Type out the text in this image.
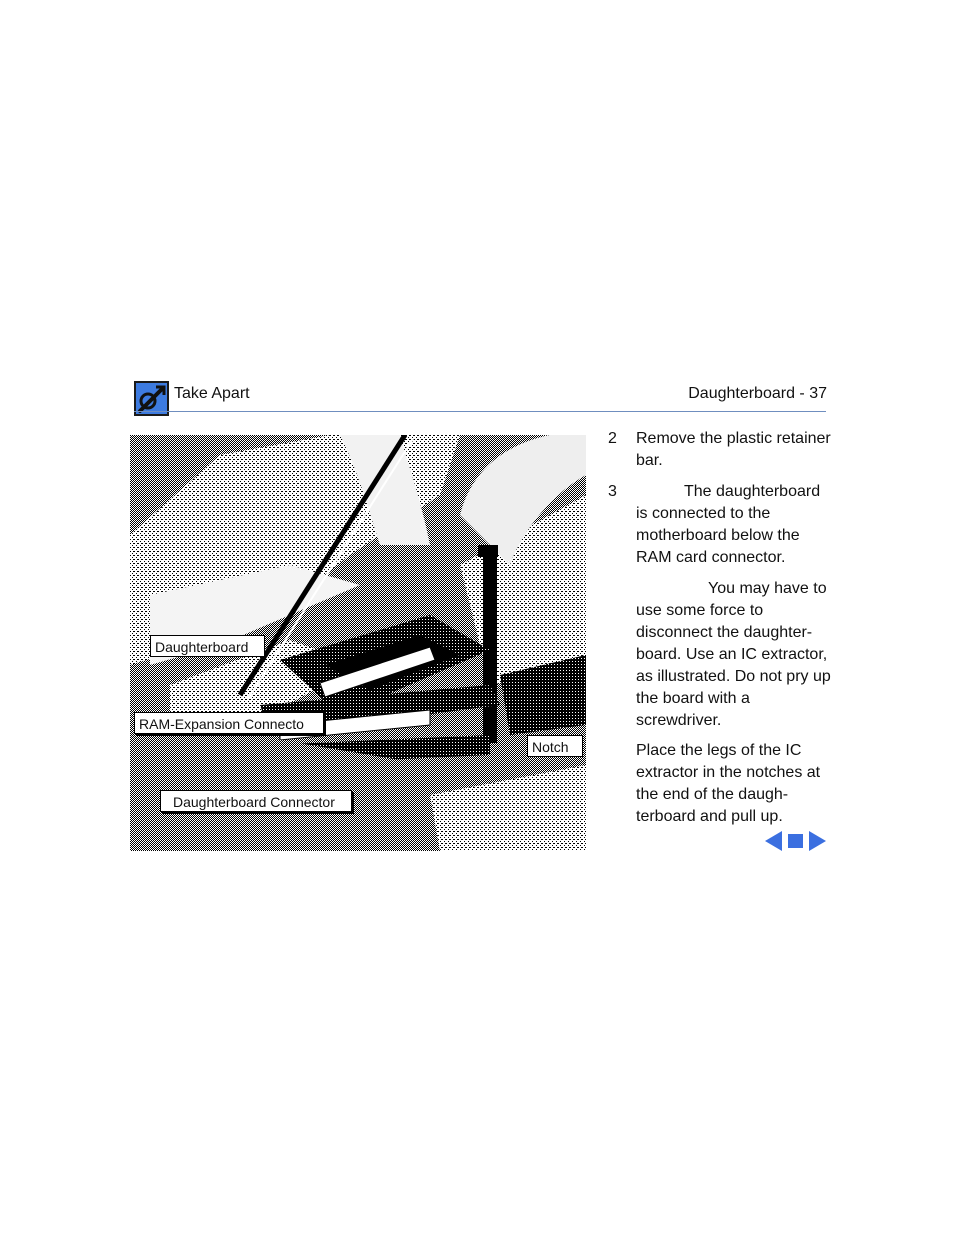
Take Apart	Daughterboard - 37
Daughterboard
RAM-Expansion Connecto
Daughterboard Connector
Notch
2 Remove the plastic retainer bar.
3	The daughterboard is connected to the motherboard below the RAM card connector.
You may have to use some force to disconnect the daughter-board. Use an IC extractor, as illustrated. Do not pry up the board with a screwdriver.
Place the legs of the IC extractor in the notches at the end of the daugh-terboard and pull up.
